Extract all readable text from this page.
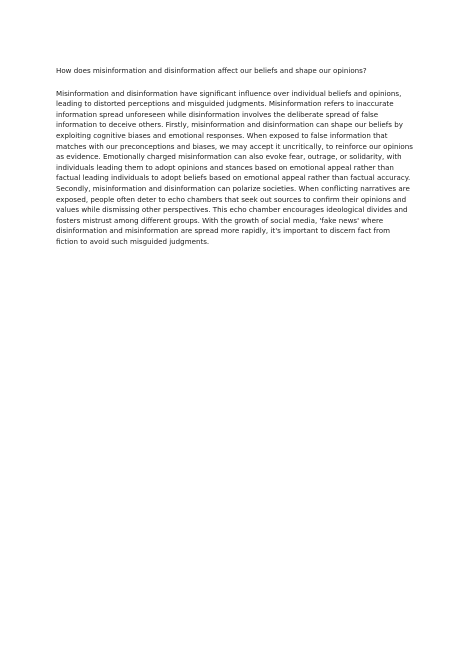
How does misinformation and disinformation affect our beliefs and shape our opinions?

Misinformation and disinformation have significant influence over individual beliefs and opinions,
leading to distorted perceptions and misguided judgments. Misinformation refers to inaccurate
information spread unforeseen while disinformation involves the deliberate spread of false
information to deceive others. Firstly, misinformation and disinformation can shape our beliefs by
exploiting cognitive biases and emotional responses. When exposed to false information that
matches with our preconceptions and biases, we may accept it uncritically, to reinforce our opinions
as evidence. Emotionally charged misinformation can also evoke fear, outrage, or solidarity, with
individuals leading them to adopt opinions and stances based on emotional appeal rather than
factual leading individuals to adopt beliefs based on emotional appeal rather than factual accuracy.
Secondly, misinformation and disinformation can polarize societies. When conflicting narratives are
exposed, people often deter to echo chambers that seek out sources to confirm their opinions and
values while dismissing other perspectives. This echo chamber encourages ideological divides and
fosters mistrust among different groups. With the growth of social media, 'fake news' where
disinformation and misinformation are spread more rapidly, it's important to discern fact from
fiction to avoid such misguided judgments.
